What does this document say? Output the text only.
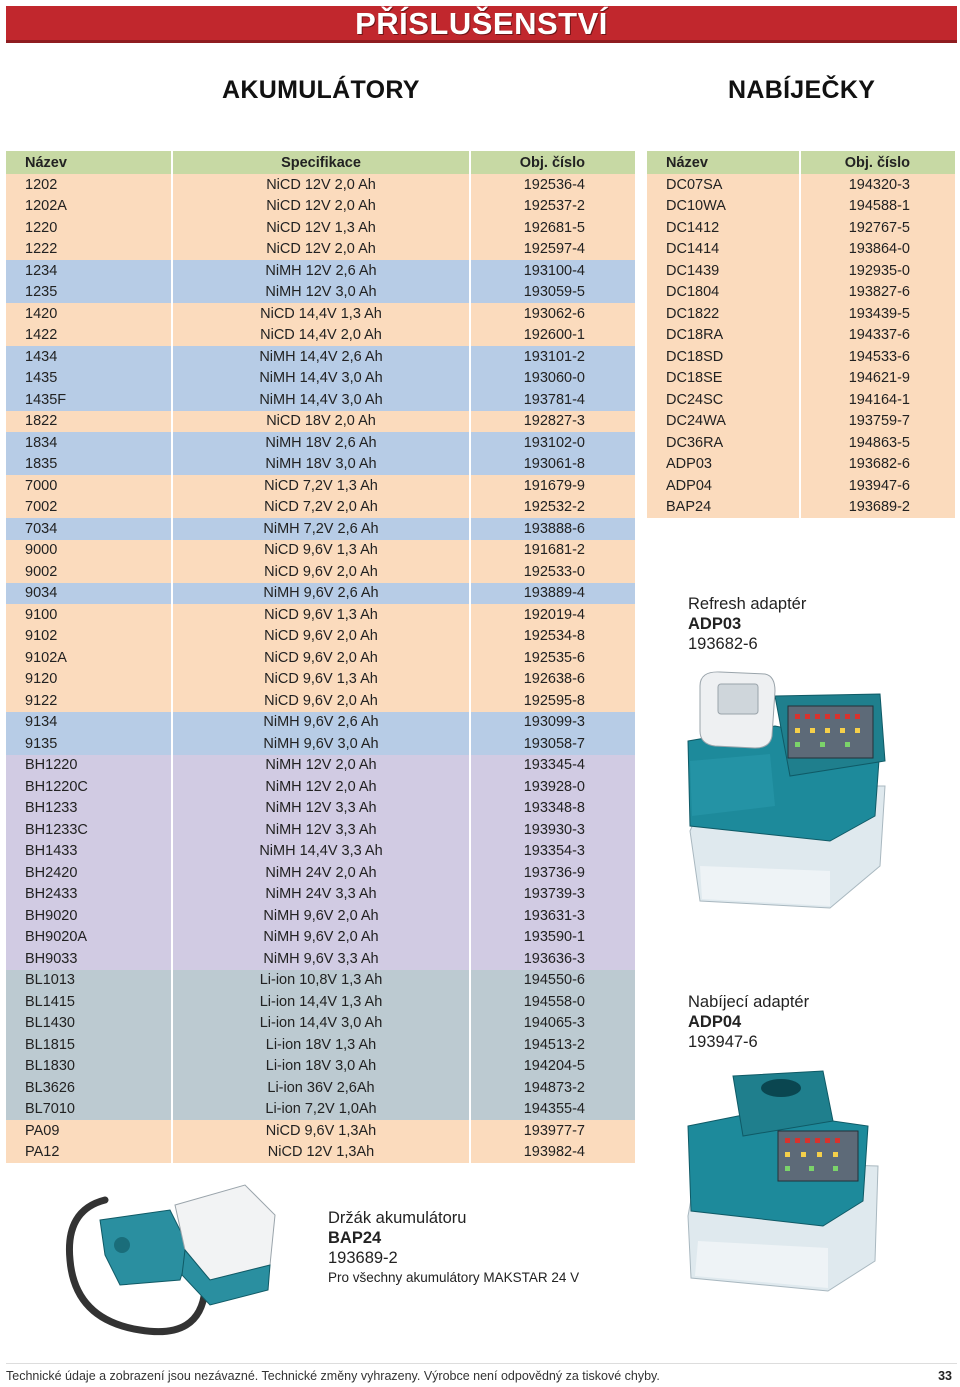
PŘÍSLUŠENSTVÍ
AKUMULÁTORY	NABÍJEČKY
Název	Specifikace	Obj. číslo
1202	NiCD 12V 2,0 Ah	192536-4
1202A	NiCD 12V 2,0 Ah	192537-2
1220	NiCD 12V 1,3 Ah	192681-5
1222	NiCD 12V 2,0 Ah	192597-4
1234	NiMH 12V 2,6 Ah	193100-4
1235	NiMH 12V 3,0 Ah	193059-5
1420	NiCD 14,4V 1,3 Ah	193062-6
1422	NiCD 14,4V 2,0 Ah	192600-1
1434	NiMH 14,4V 2,6 Ah	193101-2
1435	NiMH 14,4V 3,0 Ah	193060-0
1435F	NiMH 14,4V 3,0 Ah	193781-4
1822	NiCD 18V 2,0 Ah	192827-3
1834	NiMH 18V 2,6 Ah	193102-0
1835	NiMH 18V 3,0 Ah	193061-8
7000	NiCD 7,2V 1,3 Ah	191679-9
7002	NiCD 7,2V 2,0 Ah	192532-2
7034	NiMH 7,2V 2,6 Ah	193888-6
9000	NiCD 9,6V 1,3 Ah	191681-2
9002	NiCD 9,6V 2,0 Ah	192533-0
9034	NiMH 9,6V 2,6 Ah	193889-4
9100	NiCD 9,6V 1,3 Ah	192019-4
9102	NiCD 9,6V 2,0 Ah	192534-8
9102A	NiCD 9,6V 2,0 Ah	192535-6
9120	NiCD 9,6V 1,3 Ah	192638-6
9122	NiCD 9,6V 2,0 Ah	192595-8
9134	NiMH 9,6V 2,6 Ah	193099-3
9135	NiMH 9,6V 3,0 Ah	193058-7
BH1220	NiMH 12V 2,0 Ah	193345-4
BH1220C	NiMH 12V 2,0 Ah	193928-0
BH1233	NiMH 12V 3,3 Ah	193348-8
BH1233C	NiMH 12V 3,3 Ah	193930-3
BH1433	NiMH 14,4V 3,3 Ah	193354-3
BH2420	NiMH 24V 2,0 Ah	193736-9
BH2433	NiMH 24V 3,3 Ah	193739-3
BH9020	NiMH 9,6V 2,0 Ah	193631-3
BH9020A	NiMH 9,6V 2,0 Ah	193590-1
BH9033	NiMH 9,6V 3,3 Ah	193636-3
BL1013	Li-ion 10,8V 1,3 Ah	194550-6
BL1415	Li-ion 14,4V 1,3 Ah	194558-0
BL1430	Li-ion 14,4V 3,0 Ah	194065-3
BL1815	Li-ion 18V 1,3 Ah	194513-2
BL1830	Li-ion 18V 3,0 Ah	194204-5
BL3626	Li-ion 36V 2,6Ah	194873-2
BL7010	Li-ion 7,2V 1,0Ah	194355-4
PA09	NiCD 9,6V 1,3Ah	193977-7
PA12	NiCD 12V 1,3Ah	193982-4
Název	Obj. číslo
DC07SA	194320-3
DC10WA	194588-1
DC1412	192767-5
DC1414	193864-0
DC1439	192935-0
DC1804	193827-6
DC1822	193439-5
DC18RA	194337-6
DC18SD	194533-6
DC18SE	194621-9
DC24SC	194164-1
DC24WA	193759-7
DC36RA	194863-5
ADP03	193682-6
ADP04	193947-6
BAP24	193689-2
Refresh adaptér
ADP03
193682-6
Nabíjecí adaptér
ADP04
193947-6
Držák akumulátoru
BAP24
193689-2
Pro všechny akumulátory MAKSTAR 24 V
Technické údaje a zobrazení jsou nezávazné. Technické změny vyhrazeny. Výrobce není odpovědný za tiskové chyby.	33
